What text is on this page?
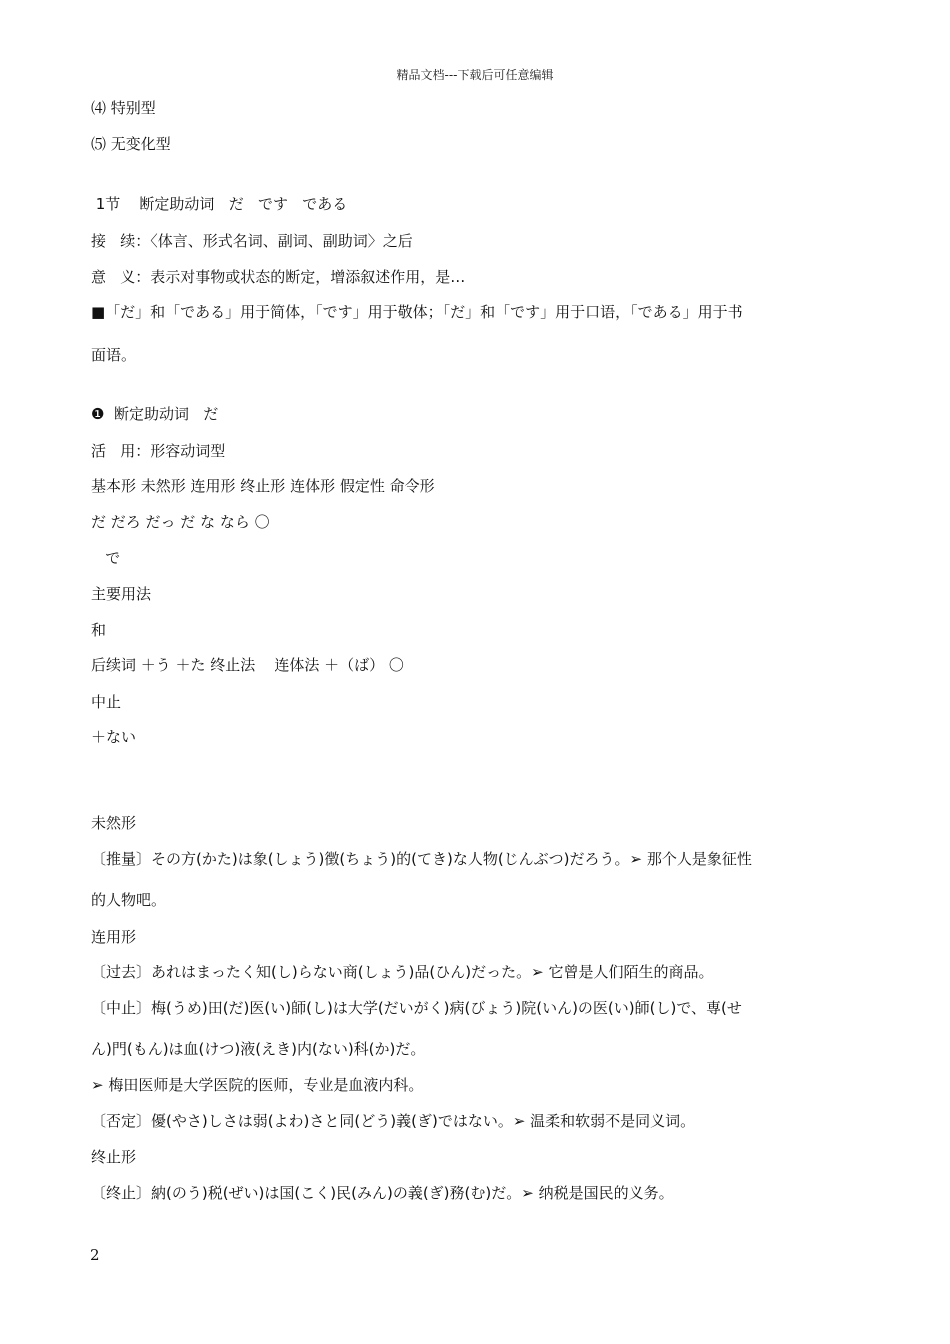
精品文档---下载后可任意编辑
⑷ 特别型
⑸ 无变化型
1节    断定助动词   だ   です   である
接   续：〈体言、形式名词、副词、副助词〉之后
意   义：表示对事物或状态的断定，增添叙述作用，是…
■「だ」和「である」用于简体，「です」用于敬体；「だ」和「です」用于口语，「である」用于书
面语。
❶  断定助动词   だ
活   用：形容动词型
基本形 未然形 连用形 终止形 连体形 假定性 命令形
だ だろ だっ だ な なら 〇
で
主要用法
和
后续词 ＋う ＋た 终止法    连体法 ＋（ば） 〇
中止
＋ない
未然形
〔推量〕その方(かた)は象(しょう)徴(ちょう)的(てき)な人物(じんぶつ)だろう。➢ 那个人是象征性
的人物吧。
连用形
〔过去〕あれはまったく知(し)らない商(しょう)品(ひん)だった。➢ 它曾是人们陌生的商品。
〔中止〕梅(うめ)田(だ)医(い)師(し)は大学(だいがく)病(びょう)院(いん)の医(い)師(し)で、専(せ
ん)門(もん)は血(けつ)液(えき)内(ない)科(か)だ。
➢ 梅田医师是大学医院的医师，专业是血液内科。
〔否定〕優(やさ)しさは弱(よわ)さと同(どう)義(ぎ)ではない。➢ 温柔和软弱不是同义词。
终止形
〔终止〕納(のう)税(ぜい)は国(こく)民(みん)の義(ぎ)務(む)だ。➢ 纳税是国民的义务。
2
